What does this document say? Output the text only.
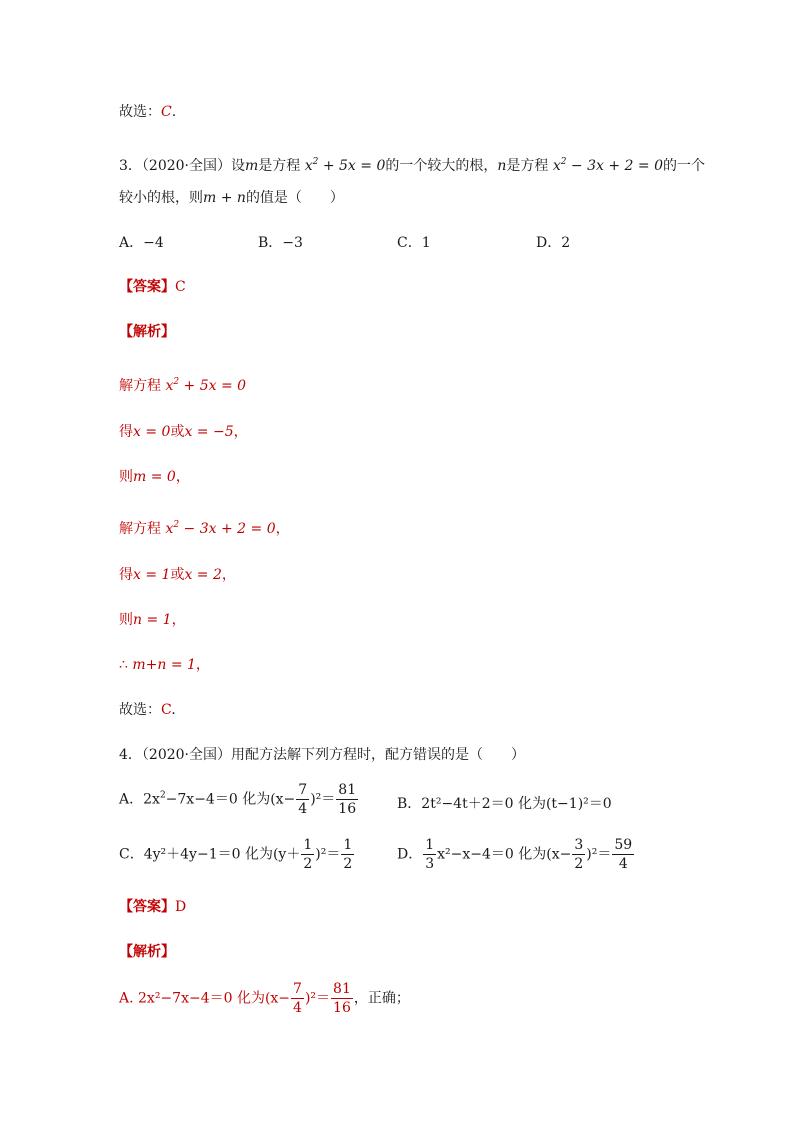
故选：C.
3．（2020·全国）设m是方程 $x^2 + 5x = 0$的一个较大的根，n是方程 $x^2 - 3x + 2 = 0$的一个
较小的根，则m + n的值是（　　）
A．−4	B．−3	C．1	D．2
【答案】C
【解析】
解方程 $x^2 + 5x = 0$
得x = 0或x = −5，
则m = 0，
解方程 $x^2 - 3x + 2 = 0$，
得x = 1或x = 2，
则n = 1，
∴ m+n = 1，
故选：C.
4．（2020·全国）用配方法解下列方程时，配方错误的是（　　）
A．$2x^2-7x-4=0$ 化为$(x- \frac{7}{4} )^2= \frac{81}{16}$	B．2t²−4t＋2＝0 化为(t−1)²＝0
C．4y²＋4y−1＝0 化为$(y+ \frac{1}{2} )^2= \frac{1}{2}$	D． $\frac{1}{3} x^2-x-4=0$ 化为$(x- \frac{3}{2} )^2= \frac{59}{4}$
【答案】D
【解析】
A. 2x²−7x−4＝0 化为$(x- \frac{7}{4} )^2= \frac{81}{16}$ ，正确；
